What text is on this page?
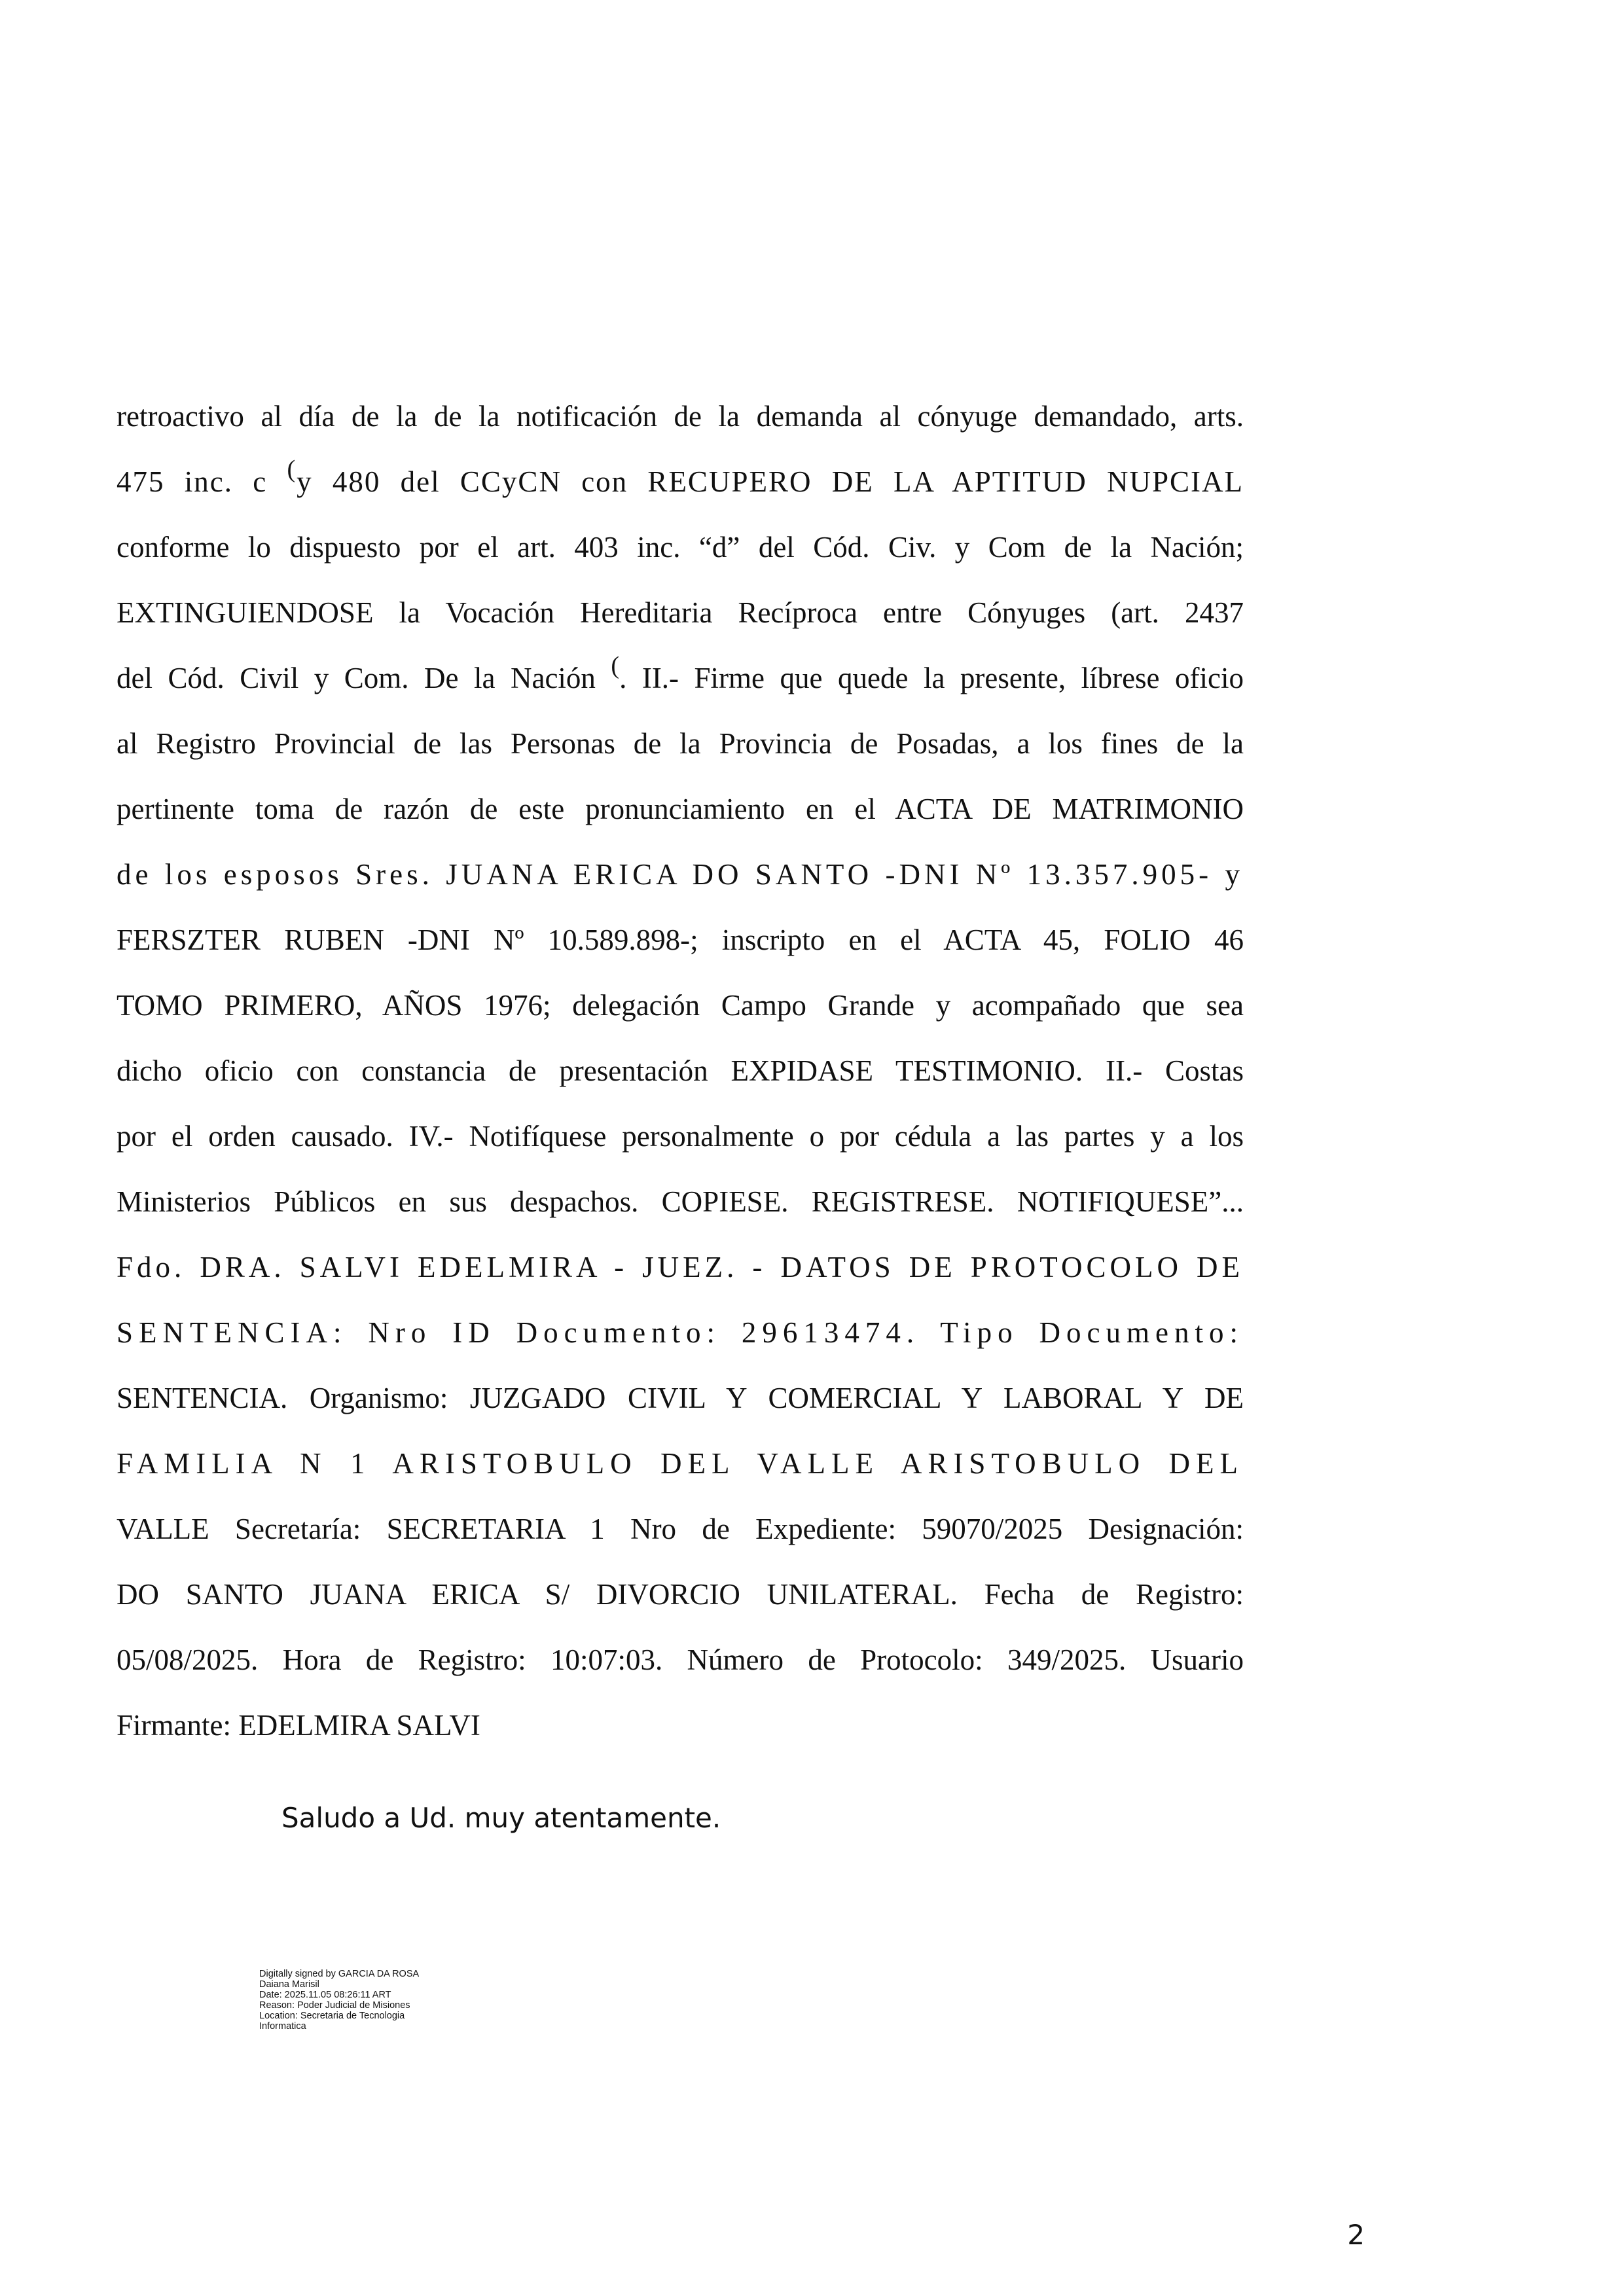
retroactivo al día de la de la notificación de la demanda al cónyuge demandado, arts.
475 inc. c (y 480 del CCyCN con RECUPERO DE LA APTITUD NUPCIAL
conforme lo dispuesto por el art. 403 inc. “d” del Cód. Civ. y Com de la Nación;
EXTINGUIENDOSE la Vocación Hereditaria Recíproca entre Cónyuges (art. 2437
del Cód. Civil y Com. De la Nación (. II.- Firme que quede la presente, líbrese oficio
al Registro Provincial de las Personas de la Provincia de Posadas, a los fines de la
pertinente toma de razón de este pronunciamiento en el ACTA DE MATRIMONIO
de los esposos Sres. JUANA ERICA DO SANTO -DNI Nº 13.357.905- y
FERSZTER RUBEN -DNI Nº 10.589.898-; inscripto en el ACTA 45, FOLIO 46
TOMO PRIMERO, AÑOS 1976; delegación Campo Grande y acompañado que sea
dicho oficio con constancia de presentación EXPIDASE TESTIMONIO. II.- Costas
por el orden causado. IV.- Notifíquese personalmente o por cédula a las partes y a los
Ministerios Públicos en sus despachos. COPIESE. REGISTRESE. NOTIFIQUESE”...
Fdo. DRA. SALVI EDELMIRA - JUEZ. - DATOS DE PROTOCOLO DE
SENTENCIA: Nro ID Documento: 29613474. Tipo Documento:
SENTENCIA. Organismo: JUZGADO CIVIL Y COMERCIAL Y LABORAL Y DE
FAMILIA N 1 ARISTOBULO DEL VALLE ARISTOBULO DEL
VALLE Secretaría: SECRETARIA 1 Nro de Expediente: 59070/2025 Designación:
DO SANTO JUANA ERICA S/ DIVORCIO UNILATERAL. Fecha de Registro:
05/08/2025. Hora de Registro: 10:07:03. Número de Protocolo: 349/2025. Usuario
Firmante: EDELMIRA SALVI
Saludo a Ud. muy atentamente.
Digitally signed by GARCIA DA ROSA
Daiana Marisil
Date: 2025.11.05 08:26:11 ART
Reason: Poder Judicial de Misiones
Location: Secretaria de Tecnologia
Informatica
2
